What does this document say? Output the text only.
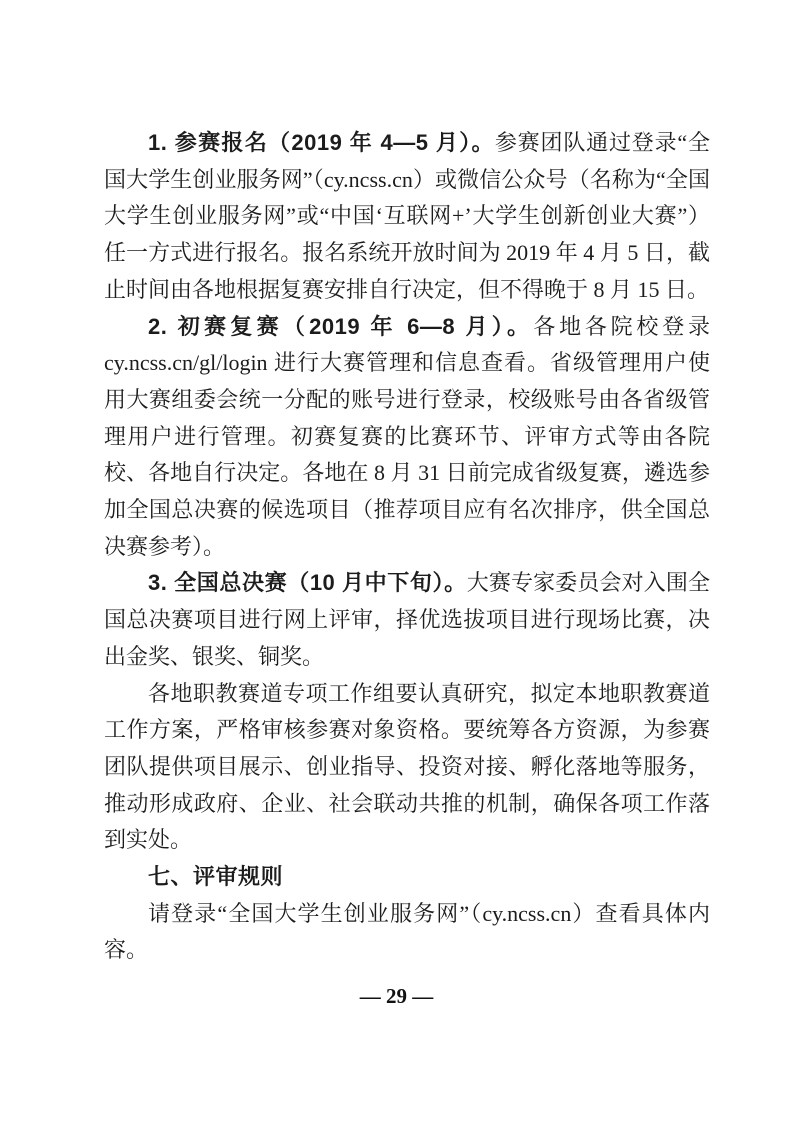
1. 参赛报名（2019 年 4—5 月）。参赛团队通过登录“全国大学生创业服务网”（cy.ncss.cn）或微信公众号（名称为“全国大学生创业服务网”或“中国‘互联网+’大学生创新创业大赛”）任一方式进行报名。报名系统开放时间为 2019 年 4 月 5 日，截止时间由各地根据复赛安排自行决定，但不得晚于 8 月 15 日。

2. 初赛复赛（2019 年 6—8 月）。各地各院校登录 cy.ncss.cn/gl/login 进行大赛管理和信息查看。省级管理用户使用大赛组委会统一分配的账号进行登录，校级账号由各省级管理用户进行管理。初赛复赛的比赛环节、评审方式等由各院校、各地自行决定。各地在 8 月 31 日前完成省级复赛，遴选参加全国总决赛的候选项目（推荐项目应有名次排序，供全国总决赛参考）。

3. 全国总决赛（10 月中下旬）。大赛专家委员会对入围全国总决赛项目进行网上评审，择优选拔项目进行现场比赛，决出金奖、银奖、铜奖。

各地职教赛道专项工作组要认真研究，拟定本地职教赛道工作方案，严格审核参赛对象资格。要统筹各方资源，为参赛团队提供项目展示、创业指导、投资对接、孵化落地等服务，推动形成政府、企业、社会联动共推的机制，确保各项工作落到实处。

七、评审规则

请登录“全国大学生创业服务网”（cy.ncss.cn）查看具体内容。

— 29 —
